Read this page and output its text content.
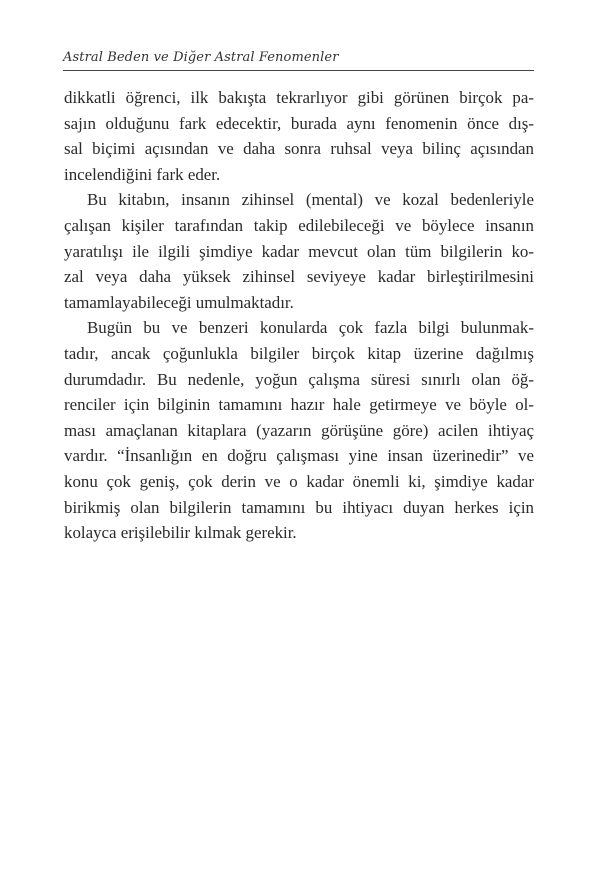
Astral Beden ve Diğer Astral Fenomenler
dikkatli öğrenci, ilk bakışta tekrarlıyor gibi görünen birçok pa-
sajın olduğunu fark edecektir, burada aynı fenomenin önce dış-
sal biçimi açısından ve daha sonra ruhsal veya bilinç açısından
incelendiğini fark eder.
Bu kitabın, insanın zihinsel (mental) ve kozal bedenleriyle
çalışan kişiler tarafından takip edilebileceği ve böylece insanın
yaratılışı ile ilgili şimdiye kadar mevcut olan tüm bilgilerin ko-
zal veya daha yüksek zihinsel seviyeye kadar birleştirilmesini
tamamlayabileceği umulmaktadır.
Bugün bu ve benzeri konularda çok fazla bilgi bulunmak-
tadır, ancak çoğunlukla bilgiler birçok kitap üzerine dağılmış
durumdadır. Bu nedenle, yoğun çalışma süresi sınırlı olan öğ-
renciler için bilginin tamamını hazır hale getirmeye ve böyle ol-
ması amaçlanan kitaplara (yazarın görüşüne göre) acilen ihtiyaç
vardır. “İnsanlığın en doğru çalışması yine insan üzerinedir” ve
konu çok geniş, çok derin ve o kadar önemli ki, şimdiye kadar
birikmiş olan bilgilerin tamamını bu ihtiyacı duyan herkes için
kolayca erişilebilir kılmak gerekir.
